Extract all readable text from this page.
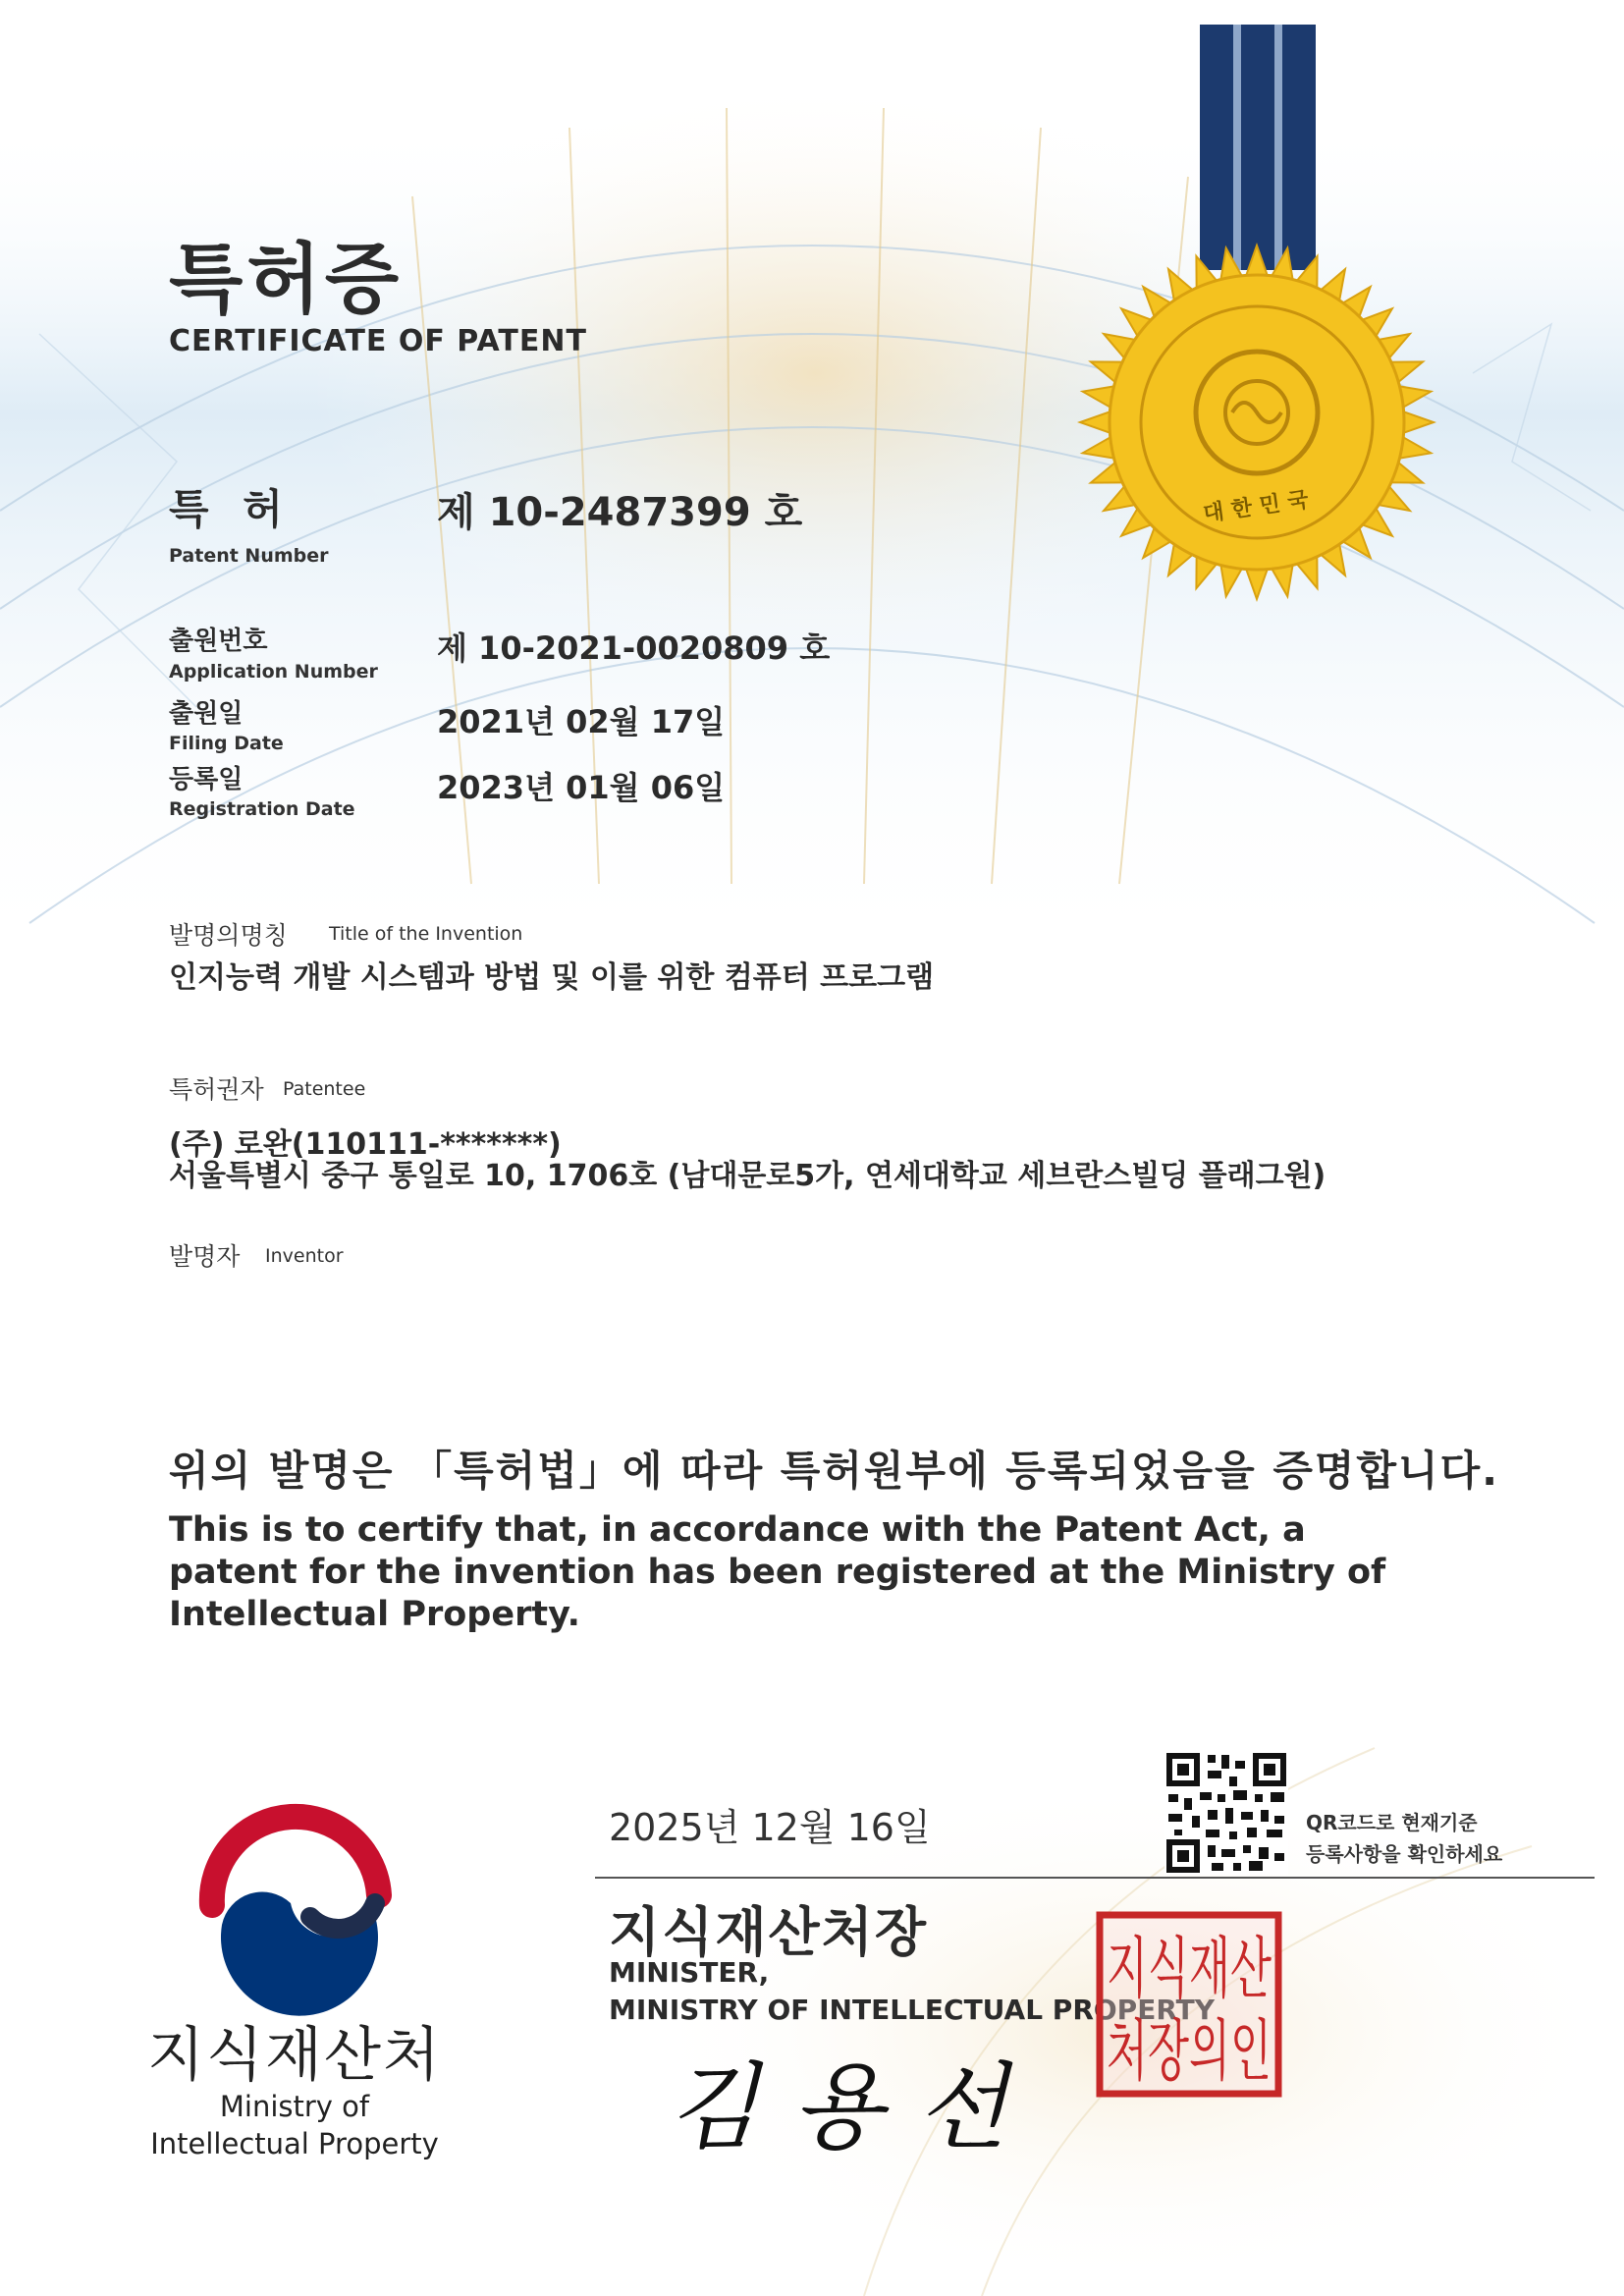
특허증
CERTIFICATE OF PATENT
대 한 민 국
특 허
Patent Number
제 10-2487399 호
출원번호
Application Number
제 10-2021-0020809 호
출원일
Filing Date
2021년 02월 17일
등록일
Registration Date
2023년 01월 06일
발명의명칭 Title of the Invention
인지능력 개발 시스템과 방법 및 이를 위한 컴퓨터 프로그램
특허권자 Patentee
(주) 로완(110111-*******)
서울특별시 중구 통일로 10, 1706호 (남대문로5가, 연세대학교 세브란스빌딩 플래그원)
발명자 Inventor
위의 발명은 「특허법」에 따라 특허원부에 등록되었음을 증명합니다.
This is to certify that, in accordance with the Patent Act, a patent for the invention has been registered at the Ministry of Intellectual Property.
지식재산처
Ministry of
Intellectual Property
2025년 12월 16일	QR코드로 현재기준
등록사항을 확인하세요
지식재산처장
MINISTER,
MINISTRY OF INTELLECTUAL PROPERTY
김용선
지식재산
처장의인
